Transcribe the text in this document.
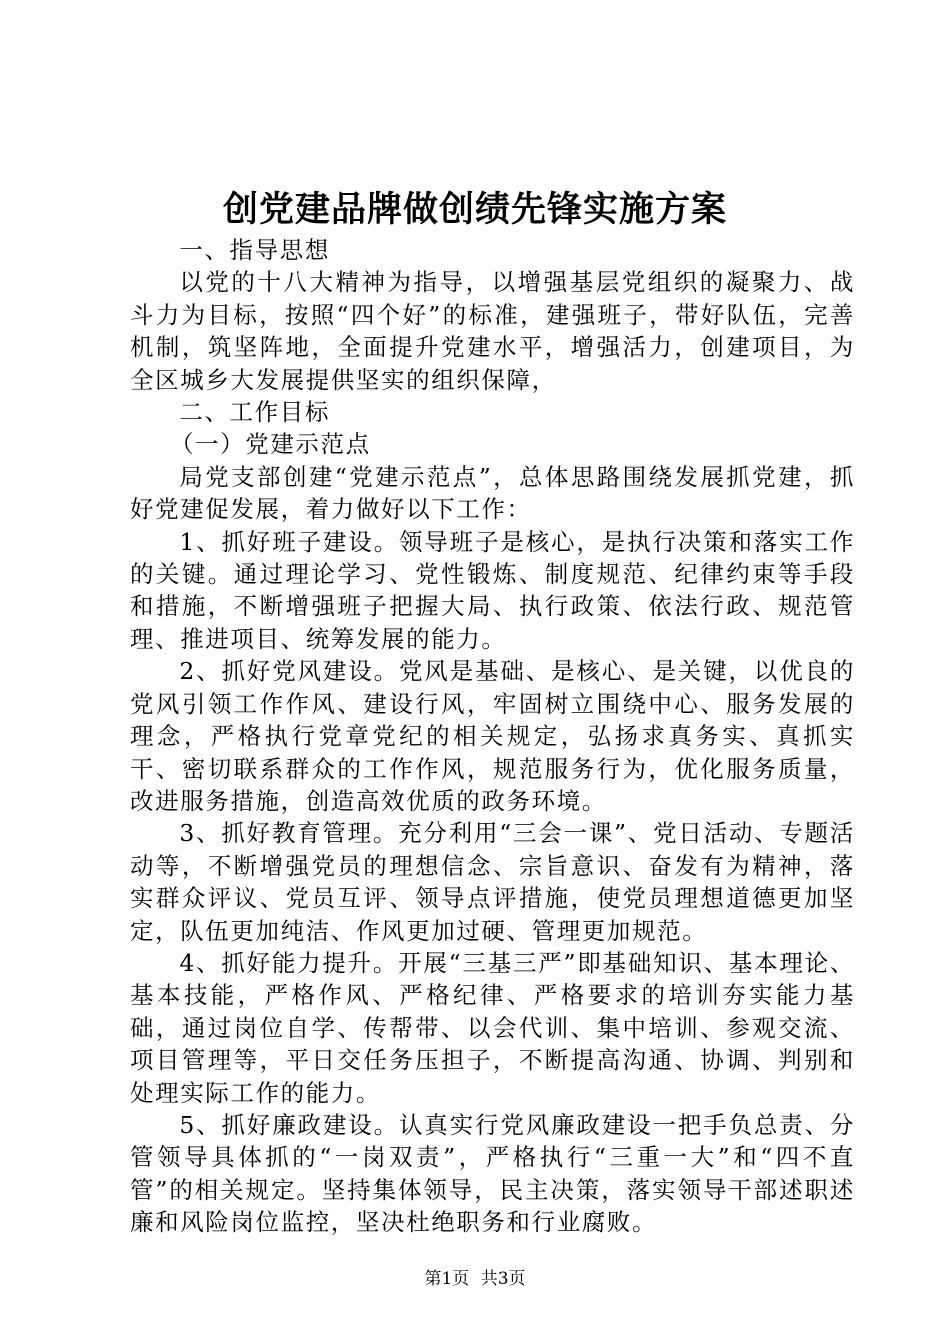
创党建品牌做创绩先锋实施方案

一、指导思想

以党的十八大精神为指导，以增强基层党组织的凝聚力、战斗力为目标，按照“四个好”的标准，建强班子，带好队伍，完善机制，筑坚阵地，全面提升党建水平，增强活力，创建项目，为全区城乡大发展提供坚实的组织保障，

二、工作目标

（一）党建示范点

局党支部创建“党建示范点”，总体思路围绕发展抓党建，抓好党建促发展，着力做好以下工作：

1、抓好班子建设。领导班子是核心，是执行决策和落实工作的关键。通过理论学习、党性锻炼、制度规范、纪律约束等手段和措施，不断增强班子把握大局、执行政策、依法行政、规范管理、推进项目、统筹发展的能力。

2、抓好党风建设。党风是基础、是核心、是关键，以优良的党风引领工作作风、建设行风，牢固树立围绕中心、服务发展的理念，严格执行党章党纪的相关规定，弘扬求真务实、真抓实干、密切联系群众的工作作风，规范服务行为，优化服务质量，改进服务措施，创造高效优质的政务环境。

3、抓好教育管理。充分利用“三会一课”、党日活动、专题活动等，不断增强党员的理想信念、宗旨意识、奋发有为精神，落实群众评议、党员互评、领导点评措施，使党员理想道德更加坚定，队伍更加纯洁、作风更加过硬、管理更加规范。

4、抓好能力提升。开展“三基三严”即基础知识、基本理论、基本技能，严格作风、严格纪律、严格要求的培训夯实能力基础，通过岗位自学、传帮带、以会代训、集中培训、参观交流、项目管理等，平日交任务压担子，不断提高沟通、协调、判别和处理实际工作的能力。

5、抓好廉政建设。认真实行党风廉政建设一把手负总责、分管领导具体抓的“一岗双责”，严格执行“三重一大”和“四不直管”的相关规定。坚持集体领导，民主决策，落实领导干部述职述廉和风险岗位监控，坚决杜绝职务和行业腐败。

第1页 共3页
